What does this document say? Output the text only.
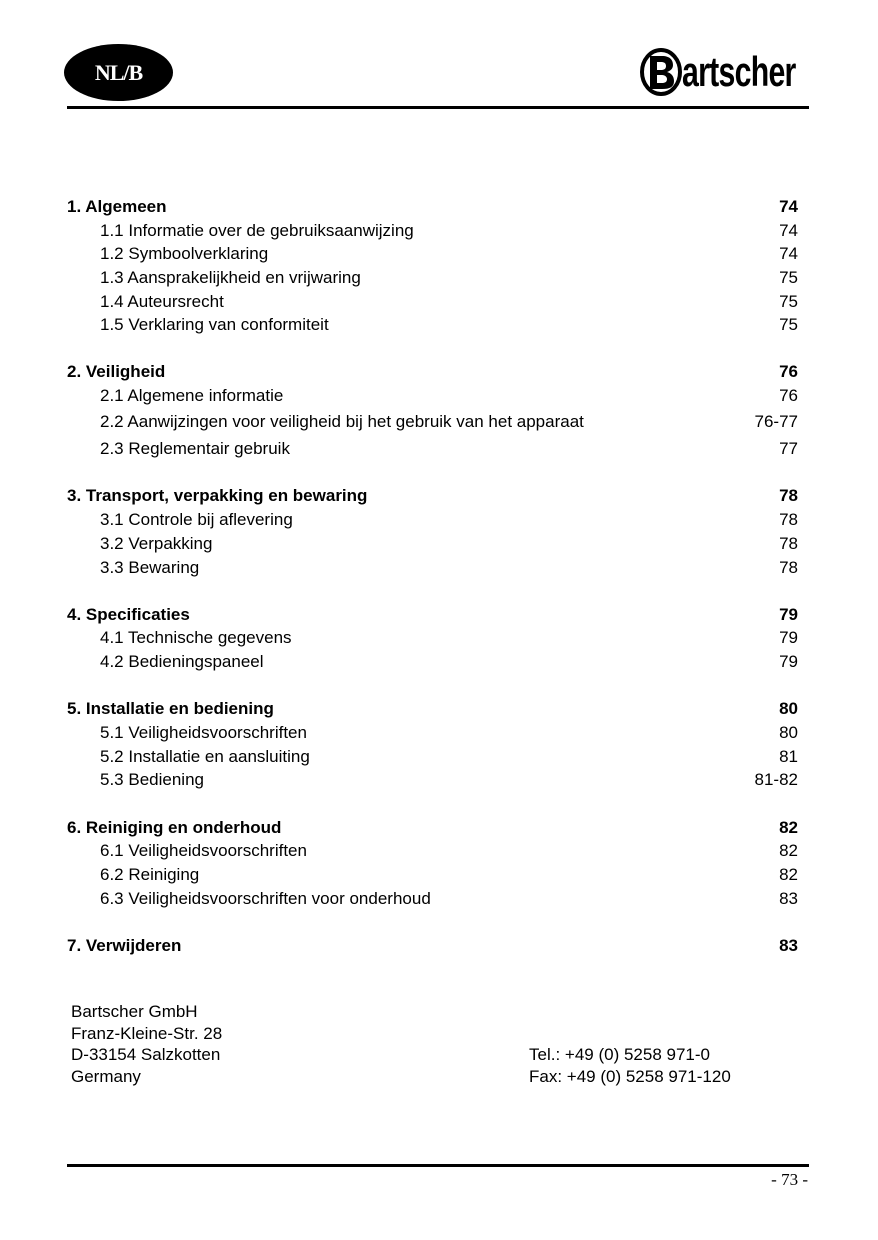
NL/B	artscher
1. Algemeen	74
1.1 Informatie over de gebruiksaanwijzing	74
1.2 Symboolverklaring	74
1.3 Aansprakelijkheid en vrijwaring	75
1.4 Auteursrecht	75
1.5 Verklaring van conformiteit	75
2. Veiligheid	76
2.1 Algemene informatie	76
2.2 Aanwijzingen voor veiligheid bij het gebruik van het apparaat	76-77
2.3 Reglementair gebruik	77
3. Transport, verpakking en bewaring	78
3.1 Controle bij aflevering	78
3.2 Verpakking	78
3.3 Bewaring	78
4. Specificaties	79
4.1 Technische gegevens	79
4.2 Bedieningspaneel	79
5. Installatie en bediening	80
5.1 Veiligheidsvoorschriften	80
5.2 Installatie en aansluiting	81
5.3 Bediening	81-82
6. Reiniging en onderhoud	82
6.1 Veiligheidsvoorschriften	82
6.2 Reiniging	82
6.3 Veiligheidsvoorschriften voor onderhoud	83
7. Verwijderen	83
Bartscher GmbH
Franz-Kleine-Str. 28
D-33154 Salzkotten
Germany
Tel.: +49 (0) 5258 971-0
Fax: +49 (0) 5258 971-120
- 73 -
